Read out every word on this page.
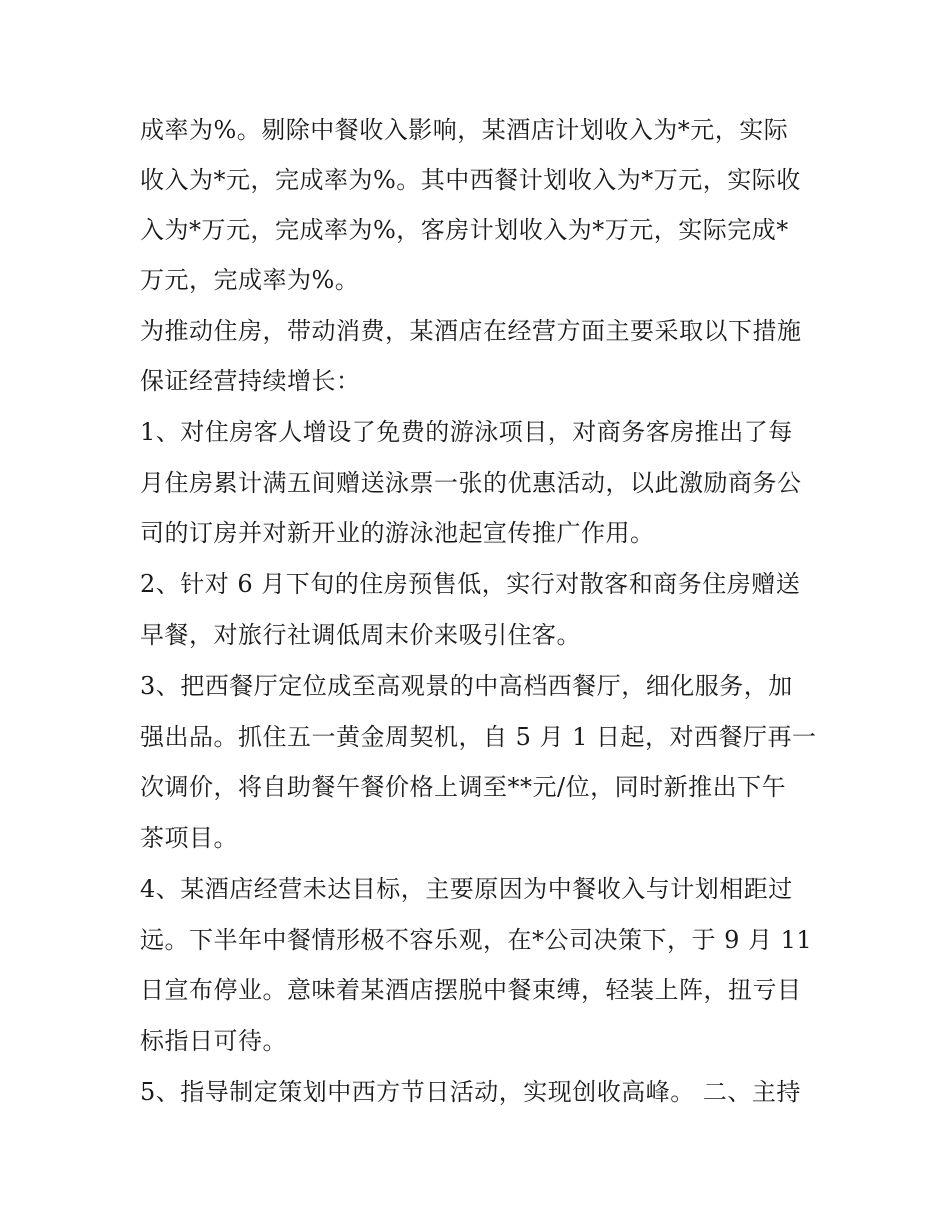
成率为%。剔除中餐收入影响，某酒店计划收入为*元，实际
收入为*元，完成率为%。其中西餐计划收入为*万元，实际收
入为*万元，完成率为%，客房计划收入为*万元，实际完成*
万元，完成率为%。
为推动住房，带动消费，某酒店在经营方面主要采取以下措施
保证经营持续增长：
1、对住房客人增设了免费的游泳项目，对商务客房推出了每
月住房累计满五间赠送泳票一张的优惠活动，以此激励商务公
司的订房并对新开业的游泳池起宣传推广作用。
2、针对 6 月下旬的住房预售低，实行对散客和商务住房赠送
早餐，对旅行社调低周末价来吸引住客。
3、把西餐厅定位成至高观景的中高档西餐厅，细化服务，加
强出品。抓住五一黄金周契机，自 5 月 1 日起，对西餐厅再一
次调价，将自助餐午餐价格上调至**元/位，同时新推出下午
茶项目。
4、某酒店经营未达目标，主要原因为中餐收入与计划相距过
远。下半年中餐情形极不容乐观，在*公司决策下，于 9 月 11
日宣布停业。意味着某酒店摆脱中餐束缚，轻装上阵，扭亏目
标指日可待。
5、指导制定策划中西方节日活动，实现创收高峰。 二、主持
